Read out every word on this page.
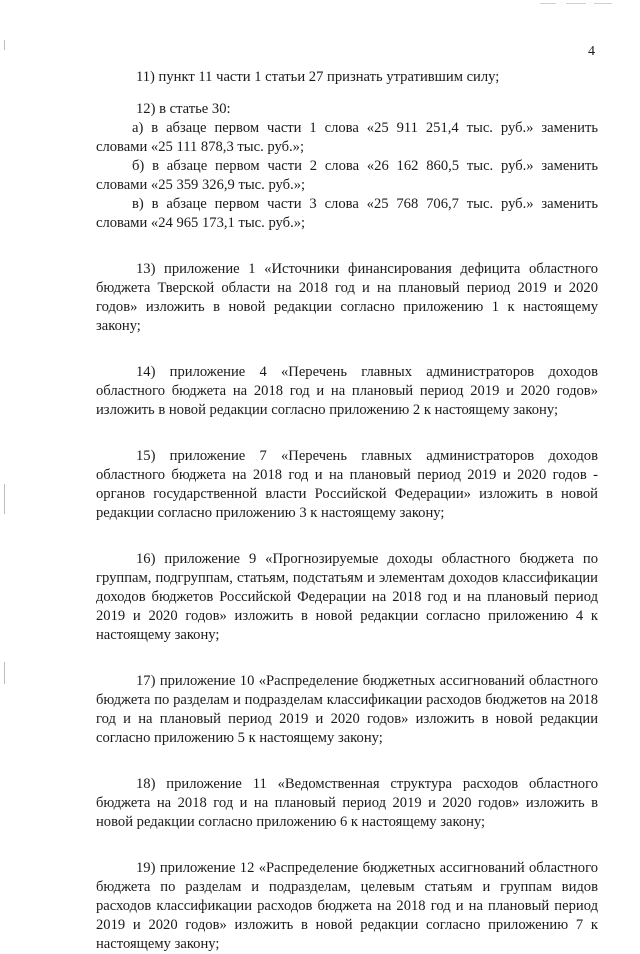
4

11) пункт 11 части 1 статьи 27 признать утратившим силу;

12) в статье 30:

а) в абзаце первом части 1 слова «25 911 251,4 тыс. руб.» заменить словами «25 111 878,3 тыс. руб.»;

б) в абзаце первом части 2 слова «26 162 860,5 тыс. руб.» заменить словами «25 359 326,9 тыс. руб.»;

в) в абзаце первом части 3 слова «25 768 706,7 тыс. руб.» заменить словами «24 965 173,1 тыс. руб.»;

13) приложение 1 «Источники финансирования дефицита областного бюджета Тверской области на 2018 год и на плановый период 2019 и 2020 годов» изложить в новой редакции согласно приложению 1 к настоящему закону;

14) приложение 4 «Перечень главных администраторов доходов областного бюджета на 2018 год и на плановый период 2019 и 2020 годов» изложить в новой редакции согласно приложению 2 к настоящему закону;

15) приложение 7 «Перечень главных администраторов доходов областного бюджета на 2018 год и на плановый период 2019 и 2020 годов - органов государственной власти Российской Федерации» изложить в новой редакции согласно приложению 3 к настоящему закону;

16) приложение 9 «Прогнозируемые доходы областного бюджета по группам, подгруппам, статьям, подстатьям и элементам доходов классификации доходов бюджетов Российской Федерации на 2018 год и на плановый период 2019 и 2020 годов» изложить в новой редакции согласно приложению 4 к настоящему закону;

17) приложение 10 «Распределение бюджетных ассигнований областного бюджета по разделам и подразделам классификации расходов бюджетов на 2018 год и на плановый период 2019 и 2020 годов» изложить в новой редакции согласно приложению 5 к настоящему закону;

18) приложение 11 «Ведомственная структура расходов областного бюджета на 2018 год и на плановый период 2019 и 2020 годов» изложить в новой редакции согласно приложению 6 к настоящему закону;

19) приложение 12 «Распределение бюджетных ассигнований областного бюджета по разделам и подразделам, целевым статьям и группам видов расходов классификации расходов бюджета на 2018 год и на плановый период 2019 и 2020 годов» изложить в новой редакции согласно приложению 7 к настоящему закону;
